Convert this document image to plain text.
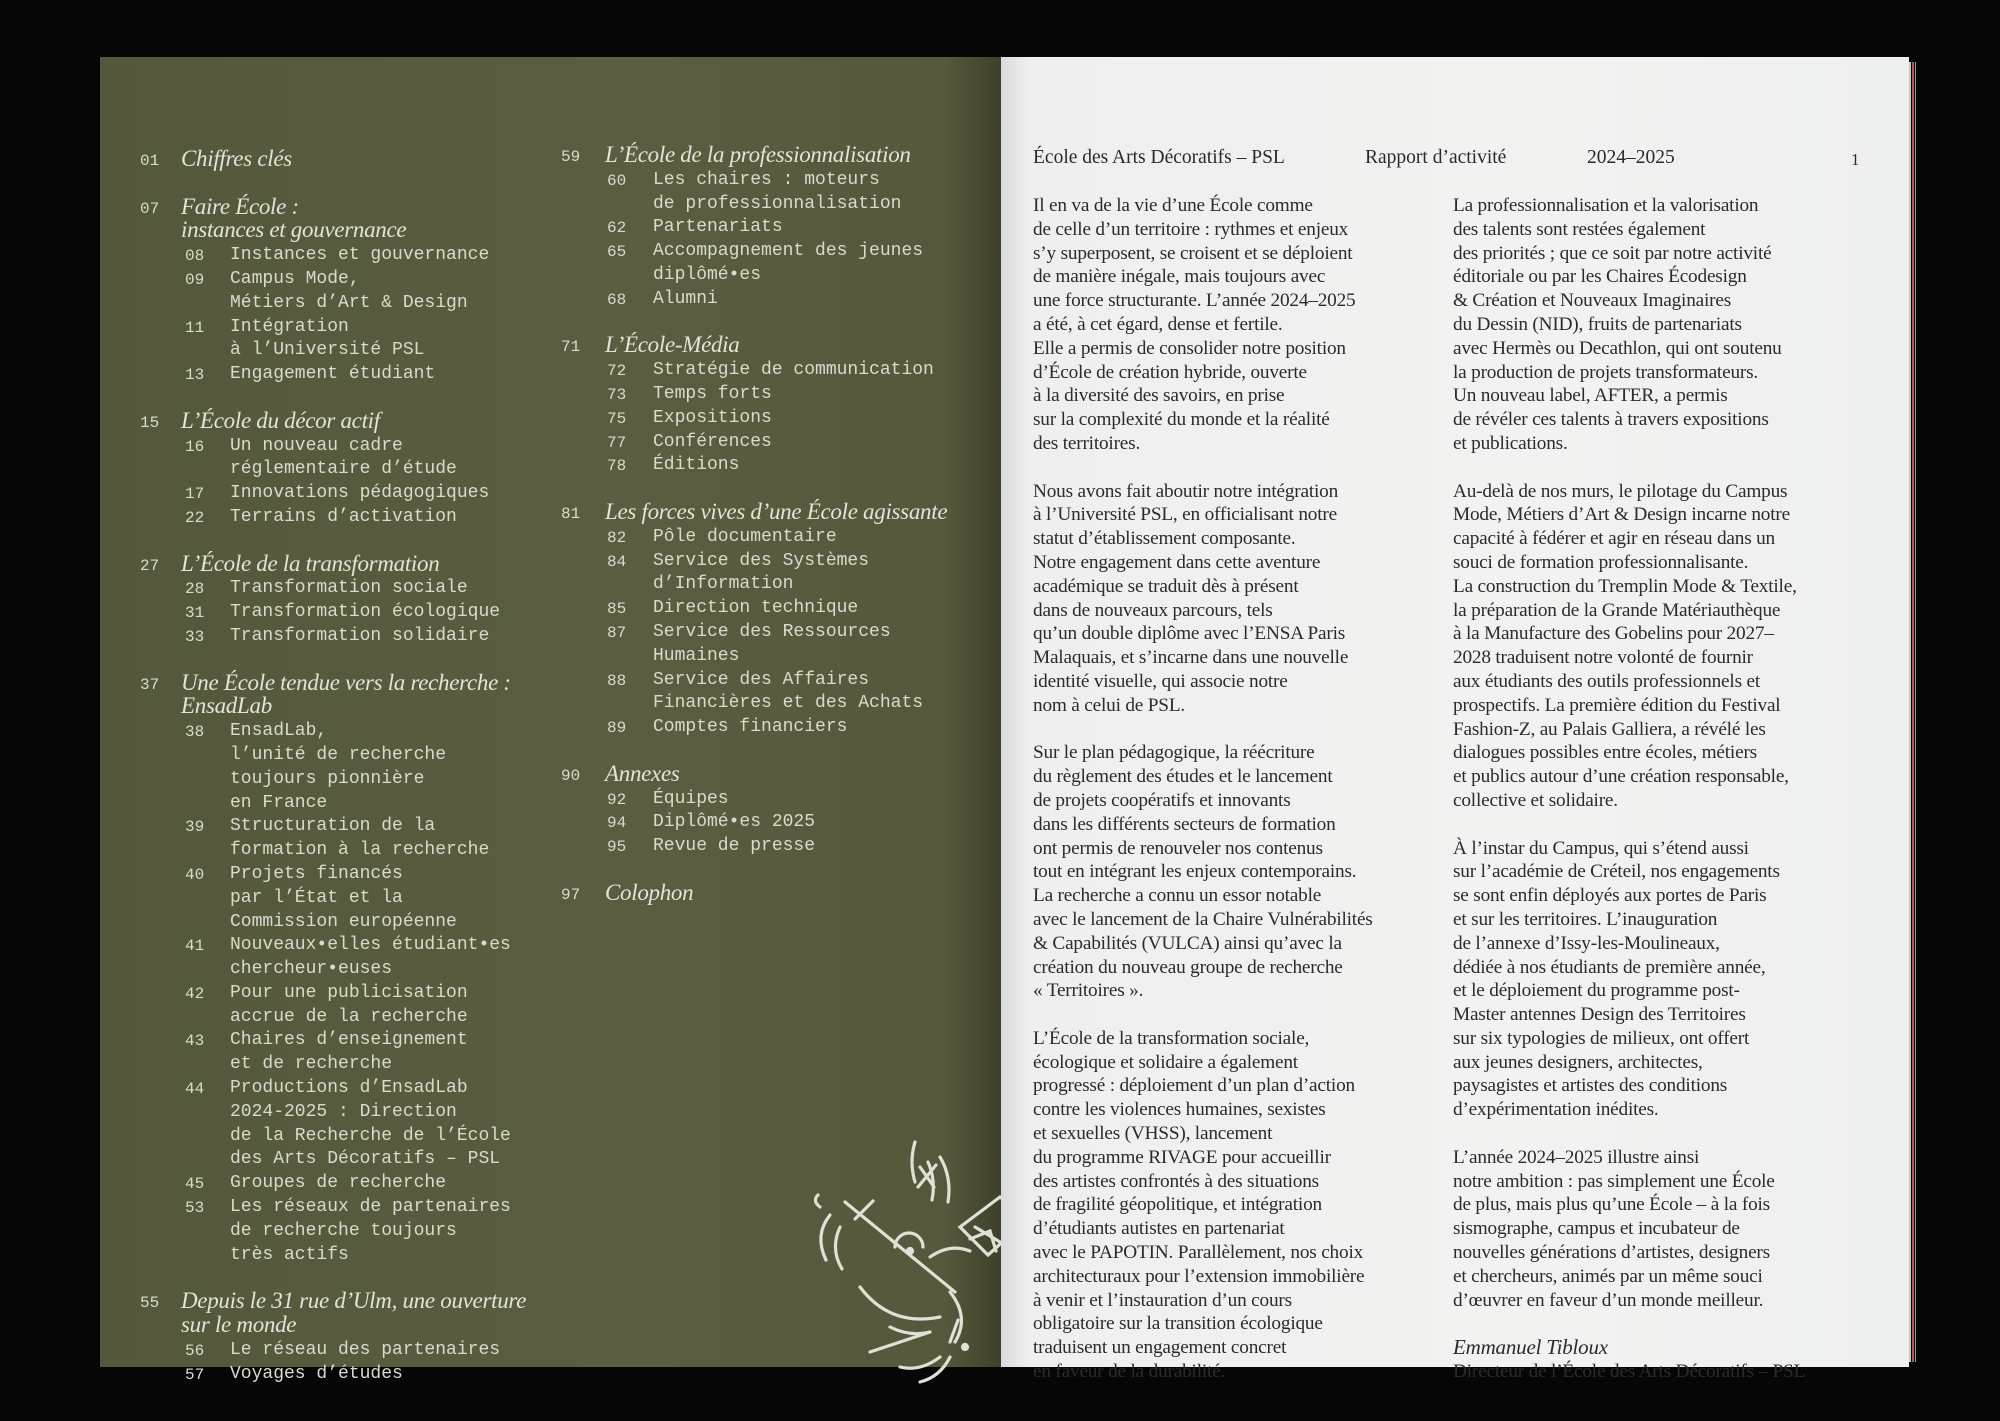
01 Chiffres clés
07 Faire École :
instances et gouvernance
08 Instances et gouvernance
09 Campus Mode,
Métiers d’Art & Design
11 Intégration
à l’Université PSL
13 Engagement étudiant
15 L’École du décor actif
16 Un nouveau cadre
réglementaire d’étude
17 Innovations pédagogiques
22 Terrains d’activation
27 L’École de la transformation
28 Transformation sociale
31 Transformation écologique
33 Transformation solidaire
37 Une École tendue vers la recherche :
EnsadLab
38 EnsadLab,
l’unité de recherche
toujours pionnière
en France
39 Structuration de la
formation à la recherche
40 Projets financés
par l’État et la
Commission européenne
41 Nouveaux•elles étudiant•es
chercheur•euses
42 Pour une publicisation
accrue de la recherche
43 Chaires d’enseignement
et de recherche
44 Productions d’EnsadLab
2024-2025 : Direction
de la Recherche de l’École
des Arts Décoratifs – PSL
45 Groupes de recherche
53 Les réseaux de partenaires
de recherche toujours
très actifs
55 Depuis le 31 rue d’Ulm, une ouverture
sur le monde
56 Le réseau des partenaires
57 Voyages d’études
59 L’École de la professionnalisation
60 Les chaires : moteurs
de professionnalisation
62 Partenariats
65 Accompagnement des jeunes
diplômé•es
68 Alumni
71 L’École-Média
72 Stratégie de communication
73 Temps forts
75 Expositions
77 Conférences
78 Éditions
81 Les forces vives d’une École agissante
82 Pôle documentaire
84 Service des Systèmes
d’Information
85 Direction technique
87 Service des Ressources
Humaines
88 Service des Affaires
Financières et des Achats
89 Comptes financiers
90 Annexes
92 Équipes
94 Diplômé•es 2025
95 Revue de presse
97 Colophon
École des Arts Décoratifs – PSL	Rapport d’activité	2024–2025	1
Il en va de la vie d’une École comme
de celle d’un territoire : rythmes et enjeux
s’y superposent, se croisent et se déploient
de manière inégale, mais toujours avec
une force structurante. L’année 2024–2025
a été, à cet égard, dense et fertile.
Elle a permis de consolider notre position
d’École de création hybride, ouverte
à la diversité des savoirs, en prise
sur la complexité du monde et la réalité
des territoires.
Nous avons fait aboutir notre intégration
à l’Université PSL, en officialisant notre
statut d’établissement composante.
Notre engagement dans cette aventure
académique se traduit dès à présent
dans de nouveaux parcours, tels
qu’un double diplôme avec l’ENSA Paris
Malaquais, et s’incarne dans une nouvelle
identité visuelle, qui associe notre
nom à celui de PSL.
Sur le plan pédagogique, la réécriture
du règlement des études et le lancement
de projets coopératifs et innovants
dans les différents secteurs de formation
ont permis de renouveler nos contenus
tout en intégrant les enjeux contemporains.
La recherche a connu un essor notable
avec le lancement de la Chaire Vulnérabilités
& Capabilités (VULCA) ainsi qu’avec la
création du nouveau groupe de recherche
« Territoires ».
L’École de la transformation sociale,
écologique et solidaire a également
progressé : déploiement d’un plan d’action
contre les violences humaines, sexistes
et sexuelles (VHSS), lancement
du programme RIVAGE pour accueillir
des artistes confrontés à des situations
de fragilité géopolitique, et intégration
d’étudiants autistes en partenariat
avec le PAPOTIN. Parallèlement, nos choix
architecturaux pour l’extension immobilière
à venir et l’instauration d’un cours
obligatoire sur la transition écologique
traduisent un engagement concret
en faveur de la durabilité.
La professionnalisation et la valorisation
des talents sont restées également
des priorités ; que ce soit par notre activité
éditoriale ou par les Chaires Écodesign
& Création et Nouveaux Imaginaires
du Dessin (NID), fruits de partenariats
avec Hermès ou Decathlon, qui ont soutenu
la production de projets transformateurs.
Un nouveau label, AFTER, a permis
de révéler ces talents à travers expositions
et publications.
Au-delà de nos murs, le pilotage du Campus
Mode, Métiers d’Art & Design incarne notre
capacité à fédérer et agir en réseau dans un
souci de formation professionnalisante.
La construction du Tremplin Mode & Textile,
la préparation de la Grande Matériauthèque
à la Manufacture des Gobelins pour 2027–
2028 traduisent notre volonté de fournir
aux étudiants des outils professionnels et
prospectifs. La première édition du Festival
Fashion-Z, au Palais Galliera, a révélé les
dialogues possibles entre écoles, métiers
et publics autour d’une création responsable,
collective et solidaire.
À l’instar du Campus, qui s’étend aussi
sur l’académie de Créteil, nos engagements
se sont enfin déployés aux portes de Paris
et sur les territoires. L’inauguration
de l’annexe d’Issy-les-Moulineaux,
dédiée à nos étudiants de première année,
et le déploiement du programme post-
Master antennes Design des Territoires
sur six typologies de milieux, ont offert
aux jeunes designers, architectes,
paysagistes et artistes des conditions
d’expérimentation inédites.
L’année 2024–2025 illustre ainsi
notre ambition : pas simplement une École
de plus, mais plus qu’une École – à la fois
sismographe, campus et incubateur de
nouvelles générations d’artistes, designers
et chercheurs, animés par un même souci
d’œuvrer en faveur d’un monde meilleur.
Emmanuel Tibloux
Directeur de l’École des Arts Décoratifs – PSL
